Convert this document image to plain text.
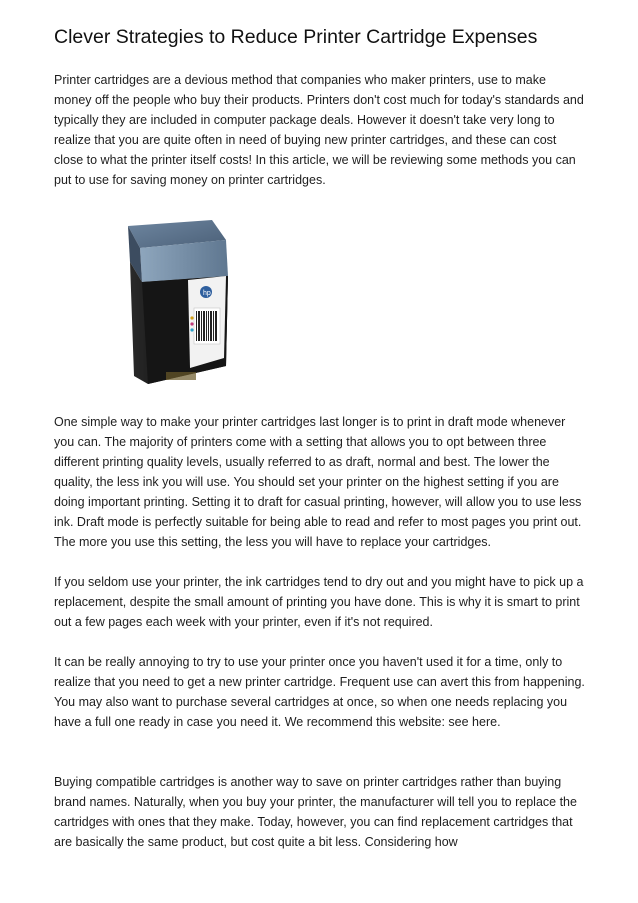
Clever Strategies to Reduce Printer Cartridge Expenses

Printer cartridges are a devious method that companies who maker printers, use to make money off the people who buy their products. Printers don't cost much for today's standards and typically they are included in computer package deals. However it doesn't take very long to realize that you are quite often in need of buying new printer cartridges, and these can cost close to what the printer itself costs! In this article, we will be reviewing some methods you can put to use for saving money on printer cartridges.

hp

One simple way to make your printer cartridges last longer is to print in draft mode whenever you can. The majority of printers come with a setting that allows you to opt between three different printing quality levels, usually referred to as draft, normal and best. The lower the quality, the less ink you will use. You should set your printer on the highest setting if you are doing important printing. Setting it to draft for casual printing, however, will allow you to use less ink. Draft mode is perfectly suitable for being able to read and refer to most pages you print out. The more you use this setting, the less you will have to replace your cartridges.

If you seldom use your printer, the ink cartridges tend to dry out and you might have to pick up a replacement, despite the small amount of printing you have done. This is why it is smart to print out a few pages each week with your printer, even if it's not required.

It can be really annoying to try to use your printer once you haven't used it for a time, only to realize that you need to get a new printer cartridge. Frequent use can avert this from happening. You may also want to purchase several cartridges at once, so when one needs replacing you have a full one ready in case you need it. We recommend this website: see here.

Buying compatible cartridges is another way to save on printer cartridges rather than buying brand names. Naturally, when you buy your printer, the manufacturer will tell you to replace the cartridges with ones that they make. Today, however, you can find replacement cartridges that are basically the same product, but cost quite a bit less. Considering how
